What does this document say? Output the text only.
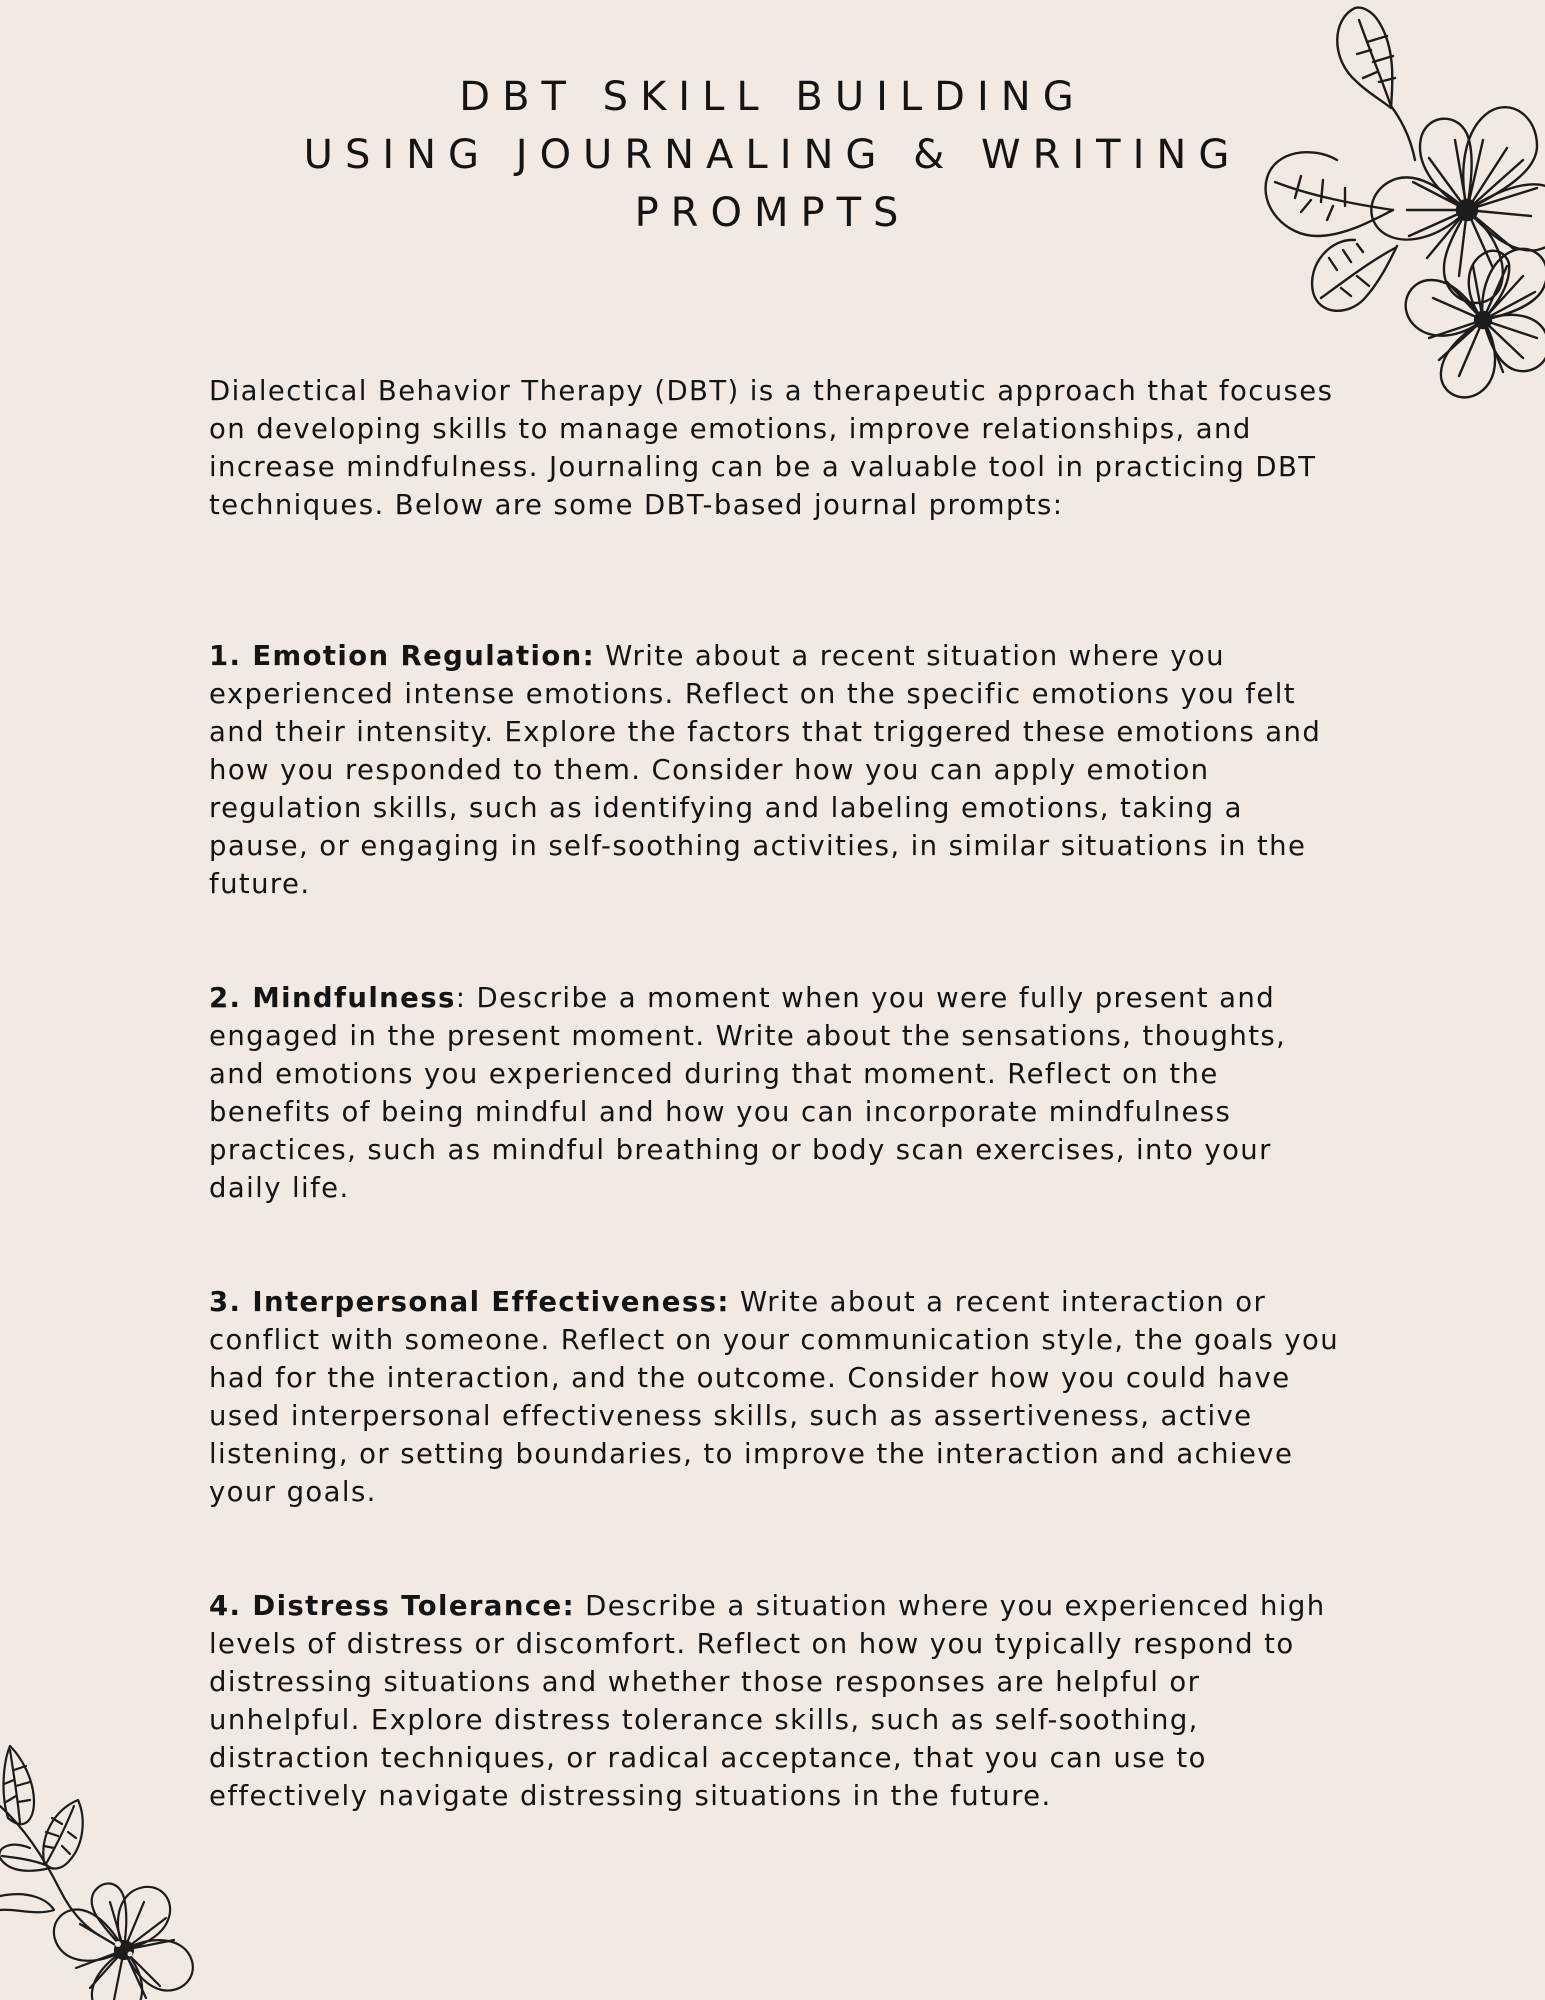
DBT SKILL BUILDING
USING JOURNALING & WRITING
PROMPTS

Dialectical Behavior Therapy (DBT) is a therapeutic approach that focuses on developing skills to manage emotions, improve relationships, and increase mindfulness. Journaling can be a valuable tool in practicing DBT techniques. Below are some DBT-based journal prompts:

1. Emotion Regulation: Write about a recent situation where you experienced intense emotions. Reflect on the specific emotions you felt and their intensity. Explore the factors that triggered these emotions and how you responded to them. Consider how you can apply emotion regulation skills, such as identifying and labeling emotions, taking a pause, or engaging in self-soothing activities, in similar situations in the future.

2. Mindfulness: Describe a moment when you were fully present and engaged in the present moment. Write about the sensations, thoughts, and emotions you experienced during that moment. Reflect on the benefits of being mindful and how you can incorporate mindfulness practices, such as mindful breathing or body scan exercises, into your daily life.

3. Interpersonal Effectiveness: Write about a recent interaction or conflict with someone. Reflect on your communication style, the goals you had for the interaction, and the outcome. Consider how you could have used interpersonal effectiveness skills, such as assertiveness, active listening, or setting boundaries, to improve the interaction and achieve your goals.

4. Distress Tolerance: Describe a situation where you experienced high levels of distress or discomfort. Reflect on how you typically respond to distressing situations and whether those responses are helpful or unhelpful. Explore distress tolerance skills, such as self-soothing, distraction techniques, or radical acceptance, that you can use to effectively navigate distressing situations in the future.
